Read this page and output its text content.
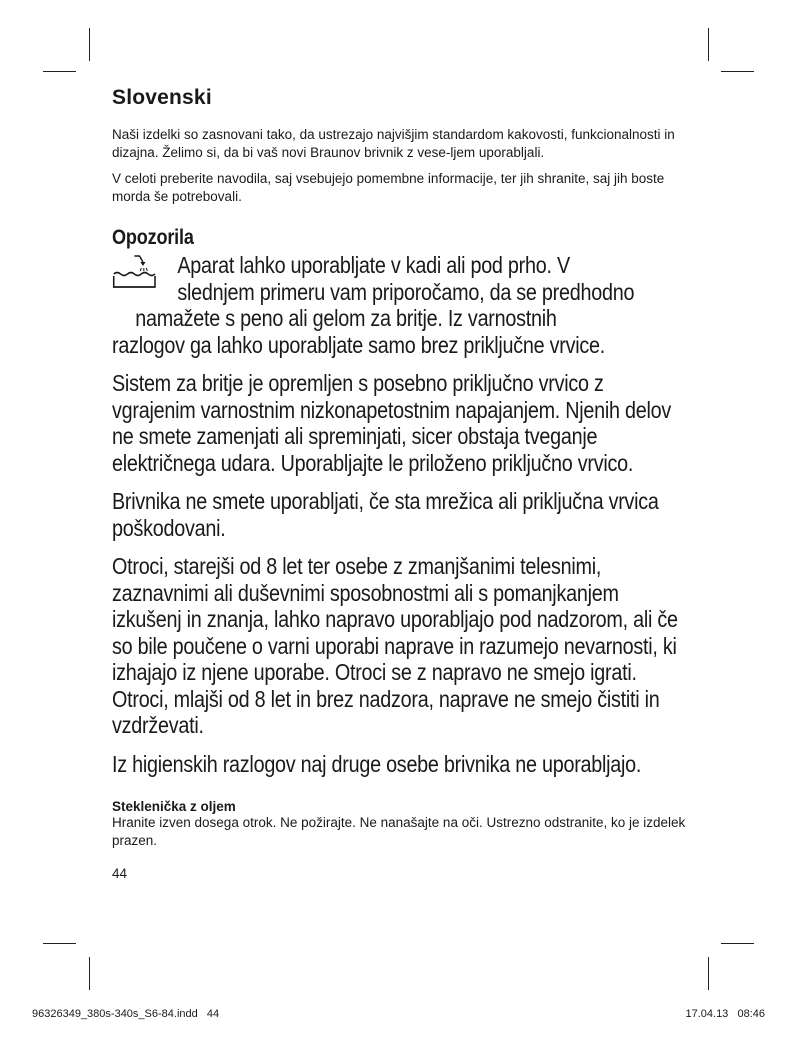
Slovenski

Naši izdelki so zasnovani tako, da ustrezajo najvišjim standardom kakovosti, funkcionalnosti in dizajna. Želimo si, da bi vaš novi Braunov brivnik z vese-ljem uporabljali.

V celoti preberite navodila, saj vsebujejo pomembne informacije, ter jih shranite, saj jih boste morda še potrebovali.

Opozorila
Aparat lahko uporabljate v kadi ali pod prho. V
slednjem primeru vam priporočamo, da se predhodno
namažete s peno ali gelom za britje. Iz varnostnih
razlogov ga lahko uporabljate samo brez priključne vrvice.

Sistem za britje je opremljen s posebno priključno vrvico z vgrajenim varnostnim nizkonapetostnim napajanjem. Njenih delov ne smete zamenjati ali spreminjati, sicer obstaja tveganje električnega udara. Uporabljajte le priloženo priključno vrvico.

Brivnika ne smete uporabljati, če sta mrežica ali priključna vrvica poškodovani.

Otroci, starejši od 8 let ter osebe z zmanjšanimi telesnimi, zaznavnimi ali duševnimi sposobnostmi ali s pomanjkanjem izkušenj in znanja, lahko napravo uporabljajo pod nadzorom, ali če so bile poučene o varni uporabi naprave in razumejo nevarnosti, ki izhajajo iz njene uporabe. Otroci se z napravo ne smejo igrati. Otroci, mlajši od 8 let in brez nadzora, naprave ne smejo čistiti in vzdrževati.

Iz higienskih razlogov naj druge osebe brivnika ne uporabljajo.

Steklenička z oljem

Hranite izven dosega otrok. Ne požirajte. Ne nanašajte na oči. Ustrezno odstranite, ko je izdelek prazen.

44
96326349_380s-340s_S6-84.indd   44	17.04.13   08:46
